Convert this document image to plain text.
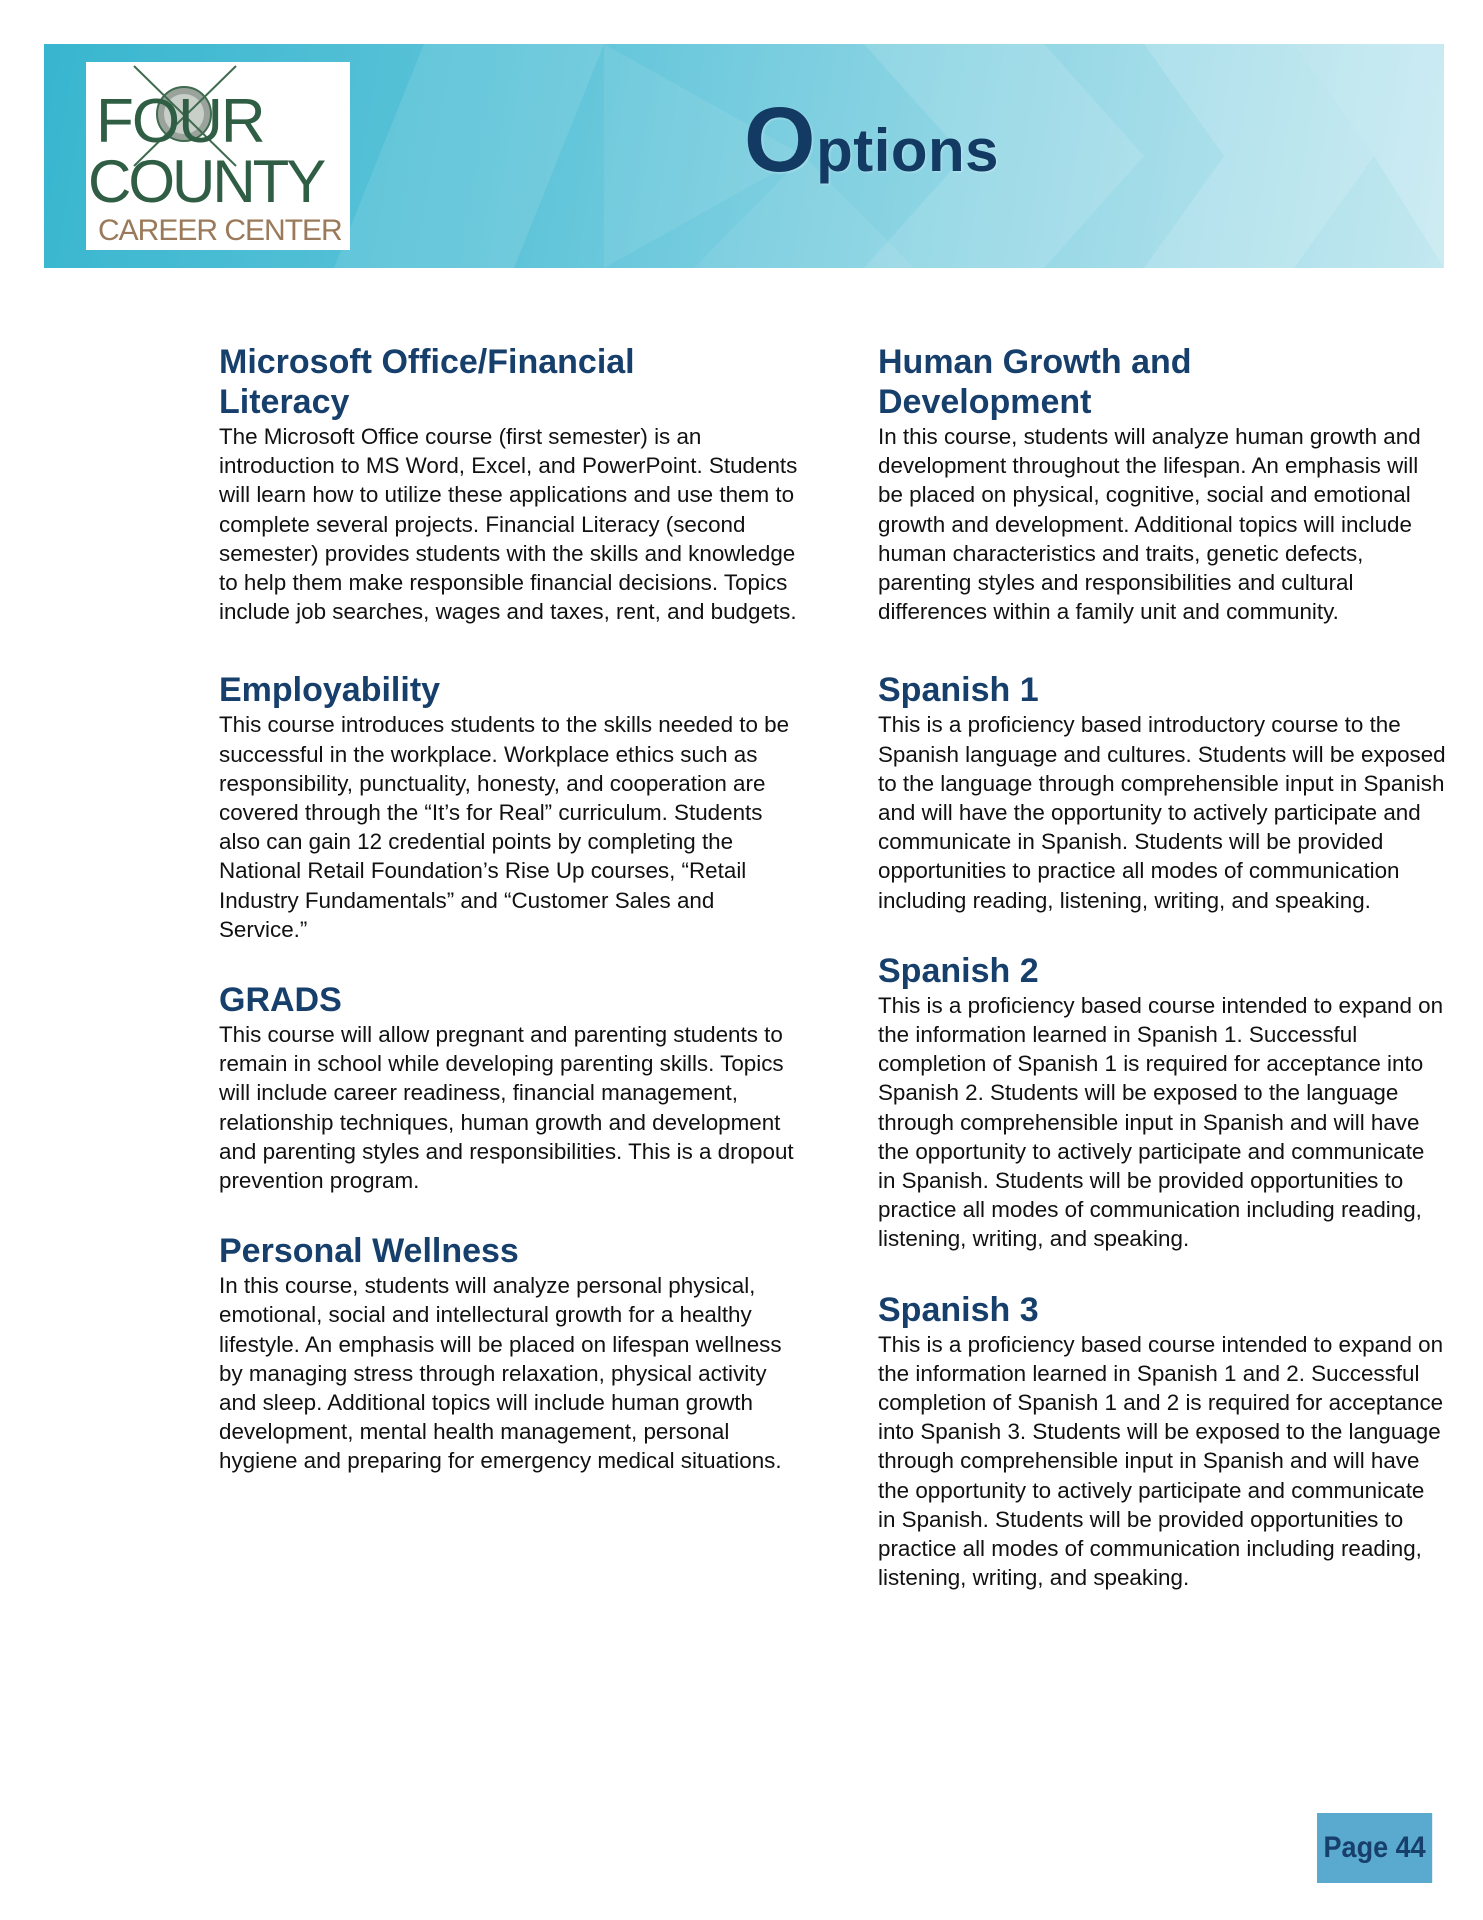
FOUR
COUNTY
CAREER CENTER
Options
Microsoft Office/Financial
Literacy

The Microsoft Office course (first semester) is an introduction to MS Word, Excel, and PowerPoint. Students will learn how to utilize these applications and use them to complete several projects. Financial Literacy (second semester) provides students with the skills and knowledge to help them make responsible financial decisions. Topics include job searches, wages and taxes, rent, and budgets.

Employability

This course introduces students to the skills needed to be successful in the workplace. Workplace ethics such as responsibility, punctuality, honesty, and cooperation are covered through the “It’s for Real” curriculum. Students also can gain 12 credential points by completing the National Retail Foundation’s Rise Up courses, “Retail Industry Fundamentals” and “Customer Sales and Service.”

GRADS

This course will allow pregnant and parenting students to remain in school while developing parenting skills. Topics will include career readiness, financial management, relationship techniques, human growth and development and parenting styles and responsibilities. This is a dropout prevention program.

Personal Wellness

In this course, students will analyze personal physical, emotional, social and intellectural growth for a healthy lifestyle. An emphasis will be placed on lifespan wellness by managing stress through relaxation, physical activity and sleep. Additional topics will include human growth development, mental health management, personal hygiene and preparing for emergency medical situations.

Human Growth and
Development

In this course, students will analyze human growth and development throughout the lifespan. An emphasis will be placed on physical, cognitive, social and emotional growth and development. Additional topics will include human characteristics and traits, genetic defects, parenting styles and responsibilities and cultural differences within a family unit and community.

Spanish 1

This is a proficiency based introductory course to the Spanish language and cultures. Students will be exposed to the language through comprehensible input in Spanish and will have the opportunity to actively participate and communicate in Spanish. Students will be provided opportunities to practice all modes of communication including reading, listening, writing, and speaking.

Spanish 2

This is a proficiency based course intended to expand on the information learned in Spanish 1. Successful completion of Spanish 1 is required for acceptance into Spanish 2. Students will be exposed to the language through comprehensible input in Spanish and will have the opportunity to actively participate and communicate in Spanish. Students will be provided opportunities to practice all modes of communication including reading, listening, writing, and speaking.

Spanish 3

This is a proficiency based course intended to expand on the information learned in Spanish 1 and 2. Successful completion of Spanish 1 and 2 is required for acceptance into Spanish 3. Students will be exposed to the language through comprehensible input in Spanish and will have the opportunity to actively participate and communicate in Spanish. Students will be provided opportunities to practice all modes of communication including reading, listening, writing, and speaking.

Page 44
